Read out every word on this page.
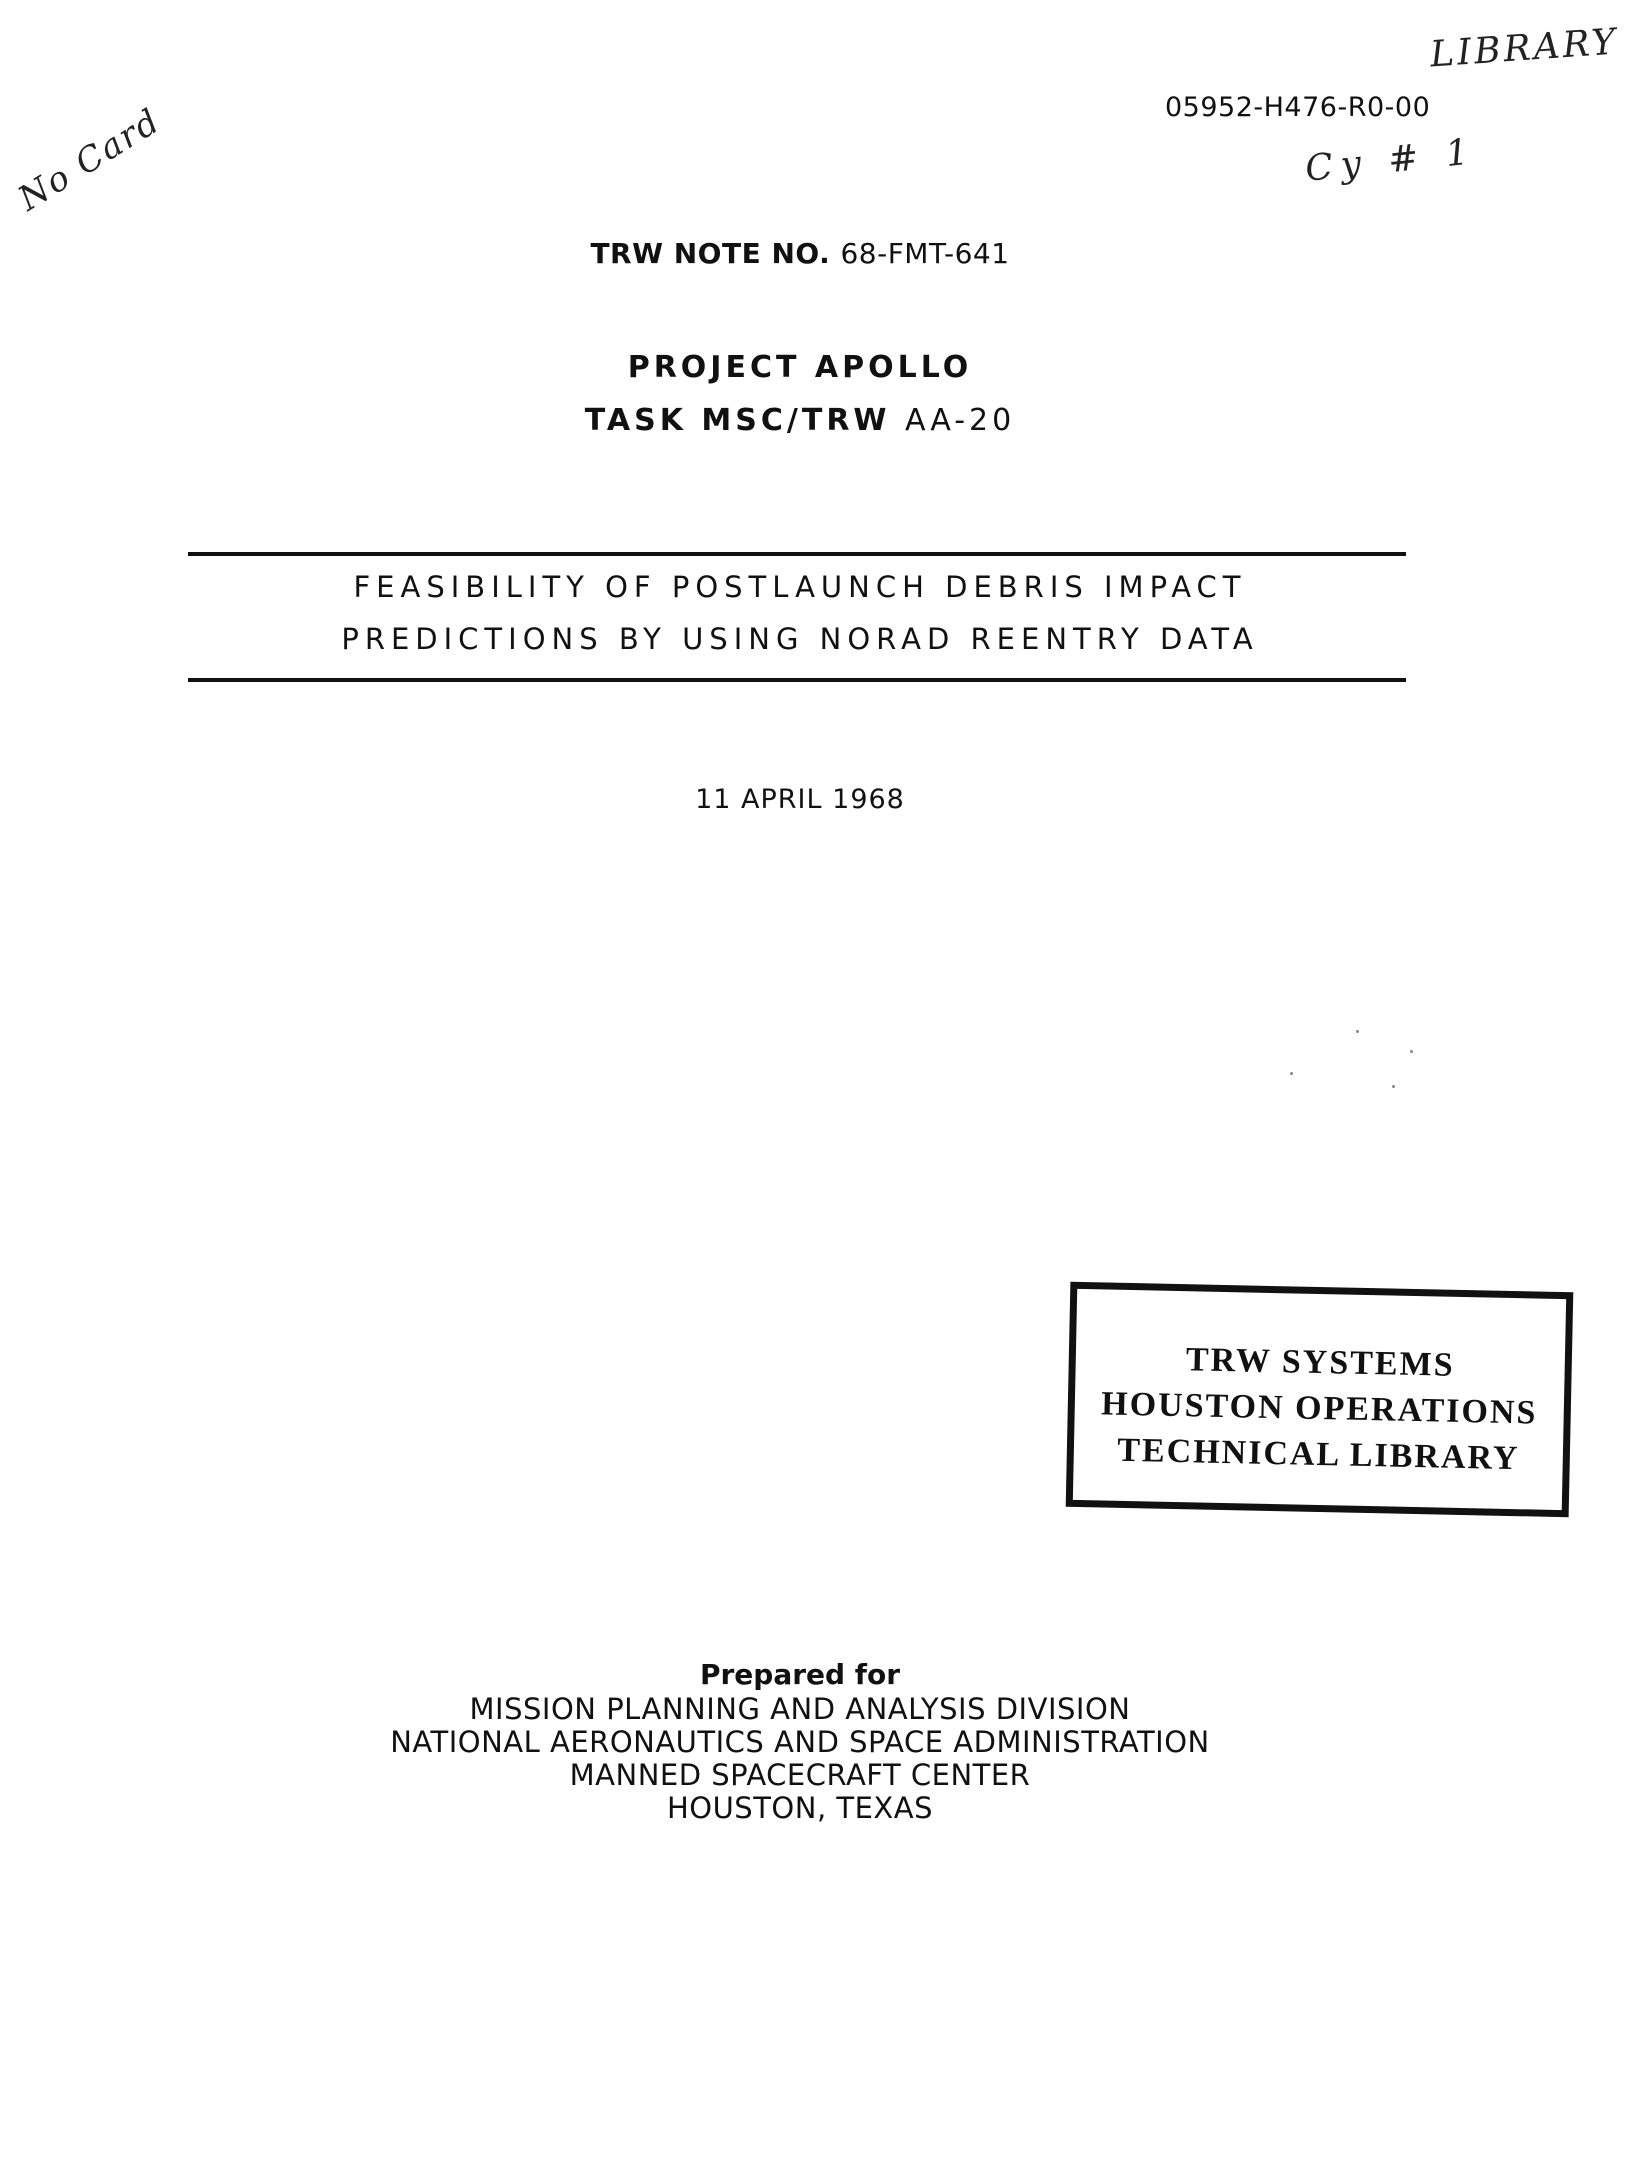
LIBRARY
Cy # 1
No Card	05952-H476-R0-00
TRW NOTE NO. 68-FMT-641
PROJECT APOLLO
TASK MSC/TRW AA-20
FEASIBILITY OF POSTLAUNCH DEBRIS IMPACT
PREDICTIONS BY USING NORAD REENTRY DATA
11 APRIL 1968
TRW SYSTEMS
HOUSTON OPERATIONS
TECHNICAL LIBRARY
Prepared for
MISSION PLANNING AND ANALYSIS DIVISION
NATIONAL AERONAUTICS AND SPACE ADMINISTRATION
MANNED SPACECRAFT CENTER
HOUSTON, TEXAS
